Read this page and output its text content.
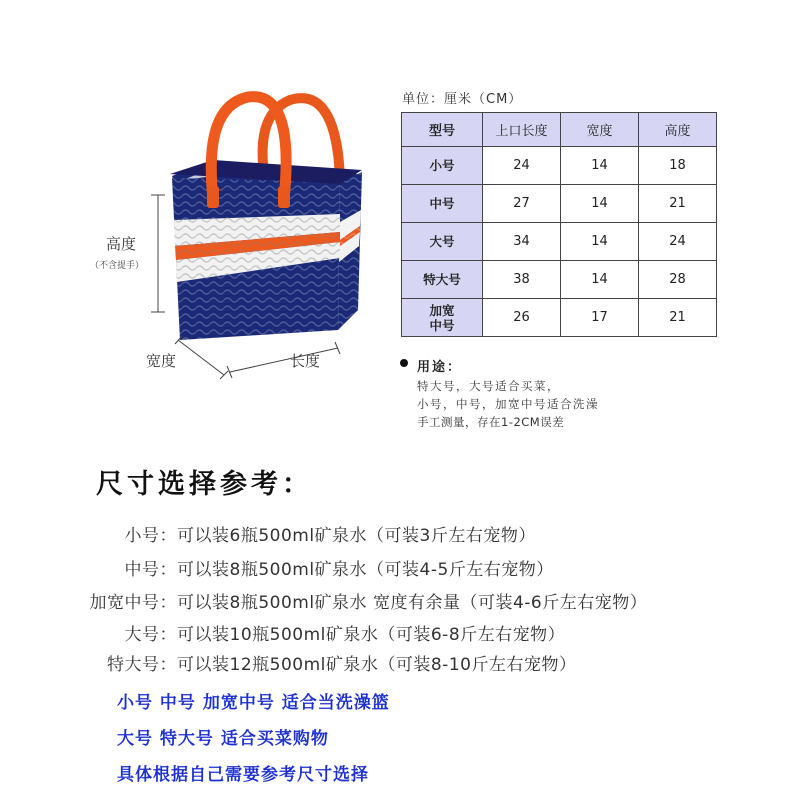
高度
（不含提手）
宽度	长度
单位：厘米（CM）
型号	上口长度	宽度	高度
小号	24	14	18
中号	27	14	21
大号	34	14	24
特大号	38	14	28
加宽
中号	26	17	21
用途：
特大号，大号适合买菜，
小号，中号，加宽中号适合洗澡
手工测量，存在1-2CM误差
尺寸选择参考：
小号：可以装6瓶500ml矿泉水（可装3斤左右宠物）
中号：可以装8瓶500ml矿泉水（可装4-5斤左右宠物）
加宽中号：可以装8瓶500ml矿泉水 宽度有余量（可装4-6斤左右宠物）
大号：可以装10瓶500ml矿泉水（可装6-8斤左右宠物）
特大号：可以装12瓶500ml矿泉水（可装8-10斤左右宠物）
小号 中号 加宽中号 适合当洗澡篮
大号 特大号 适合买菜购物
具体根据自己需要参考尺寸选择
